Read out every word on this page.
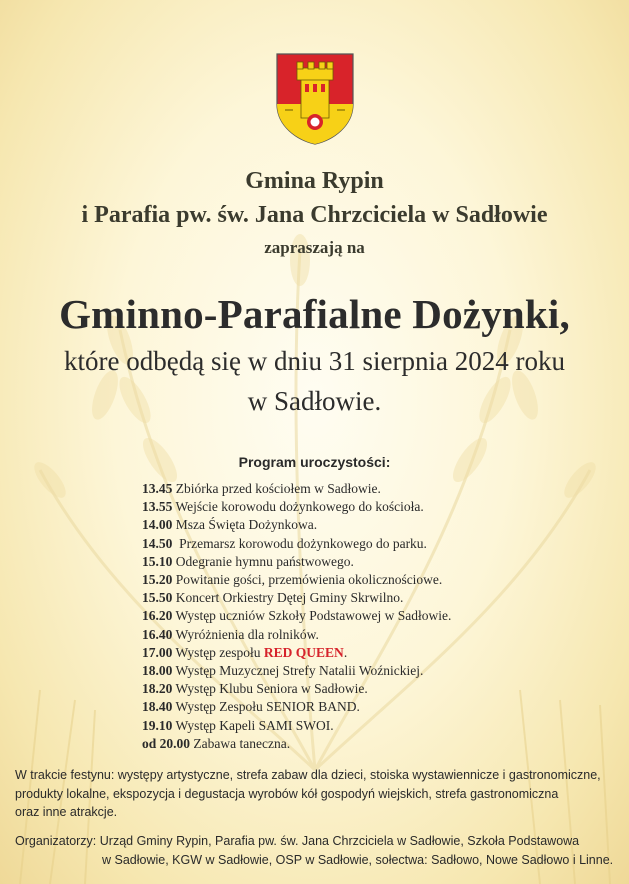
Gmina Rypin
i Parafia pw. św. Jana Chrzciciela w Sadłowie
zapraszają na
Gminno-Parafialne Dożynki,
które odbędą się w dniu 31 sierpnia 2024 roku
w Sadłowie.
Program uroczystości:
13.45 Zbiórka przed kościołem w Sadłowie.
13.55 Wejście korowodu dożynkowego do kościoła.
14.00 Msza Święta Dożynkowa.
14.50  Przemarsz korowodu dożynkowego do parku.
15.10 Odegranie hymnu państwowego.
15.20 Powitanie gości, przemówienia okolicznościowe.
15.50 Koncert Orkiestry Dętej Gminy Skrwilno.
16.20 Występ uczniów Szkoły Podstawowej w Sadłowie.
16.40 Wyróżnienia dla rolników.
17.00 Występ zespołu RED QUEEN.
18.00 Występ Muzycznej Strefy Natalii Woźnickiej.
18.20 Występ Klubu Seniora w Sadłowie.
18.40 Występ Zespołu SENIOR BAND.
19.10 Występ Kapeli SAMI SWOI.
od 20.00 Zabawa taneczna.
W trakcie festynu: występy artystyczne, strefa zabaw dla dzieci, stoiska wystawiennicze i gastronomiczne,
produkty lokalne, ekspozycja i degustacja wyrobów kół gospodyń wiejskich, strefa gastronomiczna
oraz inne atrakcje.
Organizatorzy: Urząd Gminy Rypin, Parafia pw. św. Jana Chrzciciela w Sadłowie, Szkoła Podstawowa
w Sadłowie, KGW w Sadłowie, OSP w Sadłowie, sołectwa: Sadłowo, Nowe Sadłowo i Linne.
